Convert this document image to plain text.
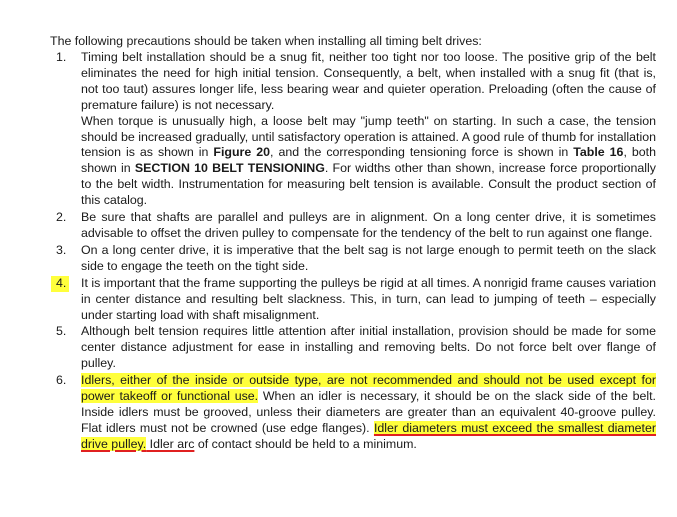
The following precautions should be taken when installing all timing belt drives:
1. Timing belt installation should be a snug fit, neither too tight nor too loose. The positive grip of the belt eliminates the need for high initial tension. Consequently, a belt, when installed with a snug fit (that is, not too taut) assures longer life, less bearing wear and quieter operation. Preloading (often the cause of premature failure) is not necessary.

When torque is unusually high, a loose belt may "jump teeth" on starting. In such a case, the tension should be increased gradually, until satisfactory operation is attained. A good rule of thumb for installation tension is as shown in Figure 20, and the corresponding tensioning force is shown in Table 16, both shown in SECTION 10 BELT TENSIONING. For widths other than shown, increase force proportionally to the belt width. Instrumentation for measuring belt tension is available. Consult the product section of this catalog.

2. Be sure that shafts are parallel and pulleys are in alignment. On a long center drive, it is sometimes advisable to offset the driven pulley to compensate for the tendency of the belt to run against one flange.

3. On a long center drive, it is imperative that the belt sag is not large enough to permit teeth on the slack side to engage the teeth on the tight side.

4. It is important that the frame supporting the pulleys be rigid at all times. A nonrigid frame causes variation in center distance and resulting belt slackness. This, in turn, can lead to jumping of teeth – especially under starting load with shaft misalignment.

5. Although belt tension requires little attention after initial installation, provision should be made for some center distance adjustment for ease in installing and removing belts. Do not force belt over flange of pulley.

6. Idlers, either of the inside or outside type, are not recommended and should not be used except for power takeoff or functional use. When an idler is necessary, it should be on the slack side of the belt. Inside idlers must be grooved, unless their diameters are greater than an equivalent 40-groove pulley. Flat idlers must not be crowned (use edge flanges). Idler diameters must exceed the smallest diameter drive pulley. Idler arc of contact should be held to a minimum.
